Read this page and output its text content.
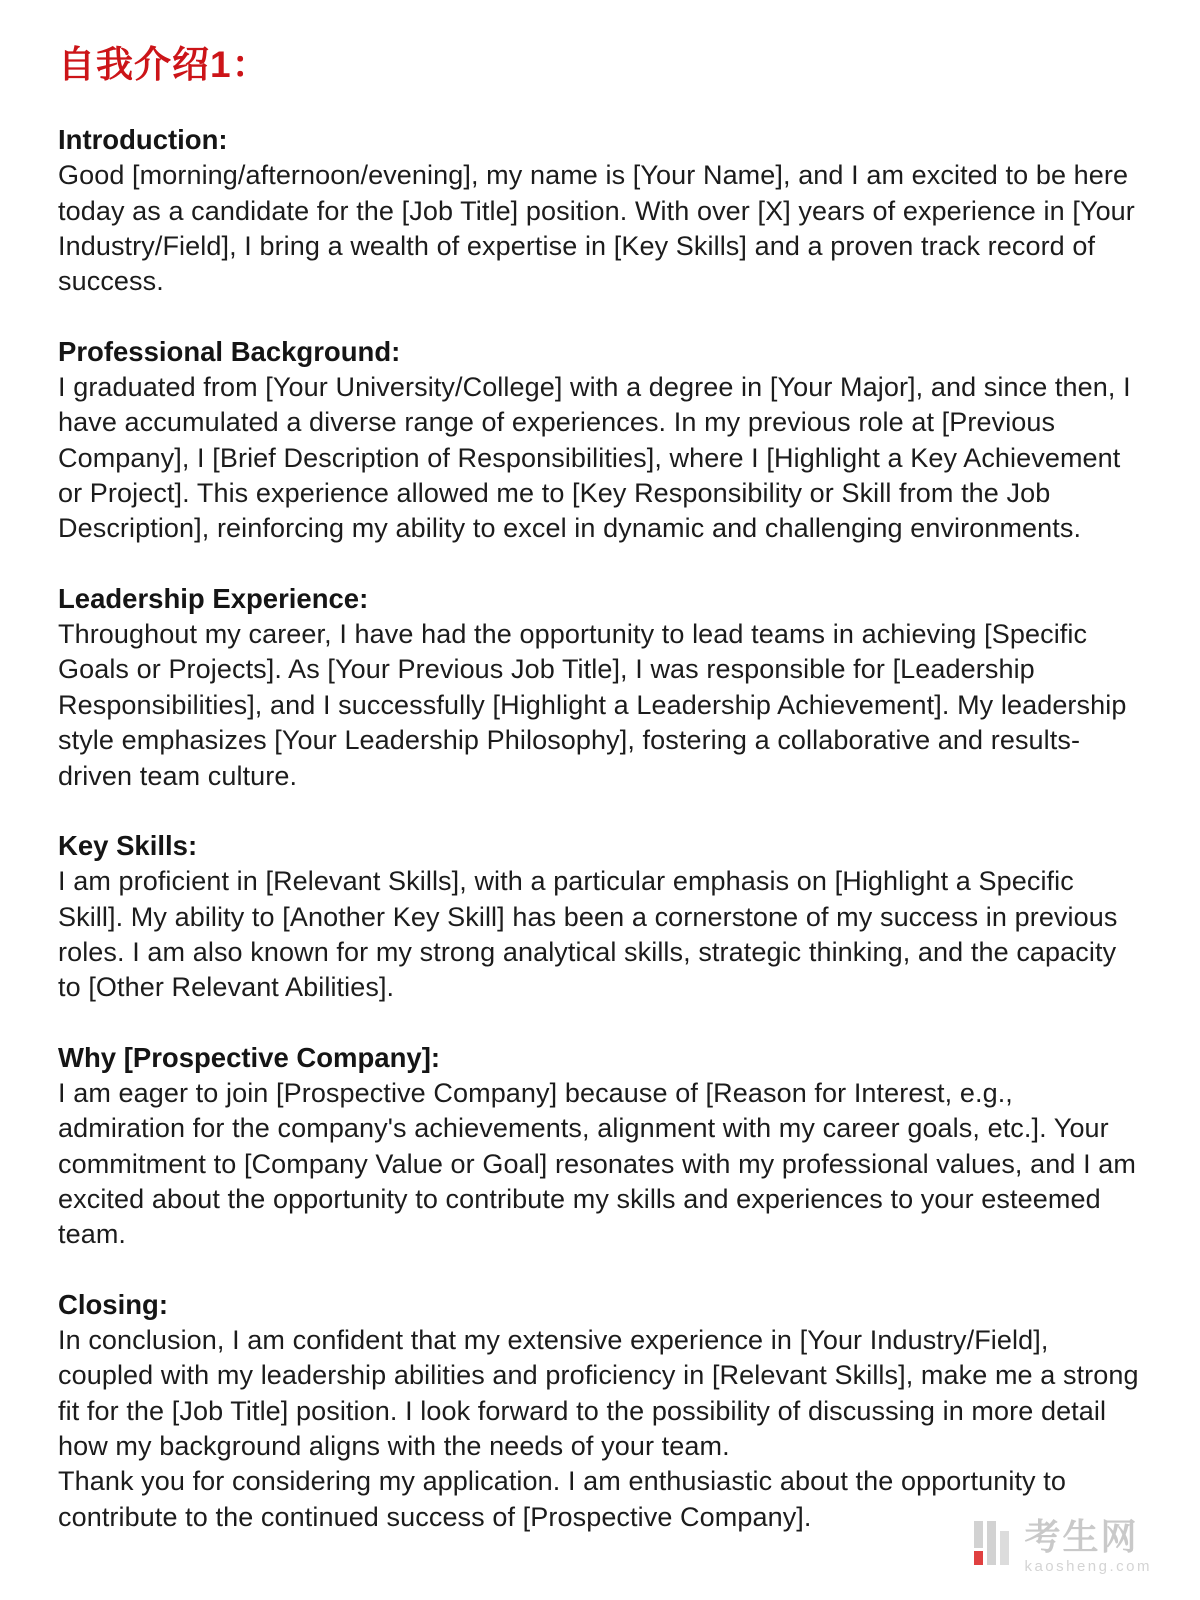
自我介绍1：
Introduction:

Good [morning/afternoon/evening], my name is [Your Name], and I am excited to be here today as a candidate for the [Job Title] position. With over [X] years of experience in [Your Industry/Field], I bring a wealth of expertise in [Key Skills] and a proven track record of success.

Professional Background:

I graduated from [Your University/College] with a degree in [Your Major], and since then, I have accumulated a diverse range of experiences. In my previous role at [Previous Company], I [Brief Description of Responsibilities], where I [Highlight a Key Achievement or Project]. This experience allowed me to [Key Responsibility or Skill from the Job Description], reinforcing my ability to excel in dynamic and challenging environments.

Leadership Experience:

Throughout my career, I have had the opportunity to lead teams in achieving [Specific Goals or Projects]. As [Your Previous Job Title], I was responsible for [Leadership Responsibilities], and I successfully [Highlight a Leadership Achievement]. My leadership style emphasizes [Your Leadership Philosophy], fostering a collaborative and results-driven team culture.

Key Skills:

I am proficient in [Relevant Skills], with a particular emphasis on [Highlight a Specific Skill]. My ability to [Another Key Skill] has been a cornerstone of my success in previous roles. I am also known for my strong analytical skills, strategic thinking, and the capacity to [Other Relevant Abilities].

Why [Prospective Company]:

I am eager to join [Prospective Company] because of [Reason for Interest, e.g., admiration for the company's achievements, alignment with my career goals, etc.]. Your commitment to [Company Value or Goal] resonates with my professional values, and I am excited about the opportunity to contribute my skills and experiences to your esteemed team.

Closing:

In conclusion, I am confident that my extensive experience in [Your Industry/Field], coupled with my leadership abilities and proficiency in [Relevant Skills], make me a strong fit for the [Job Title] position. I look forward to the possibility of discussing in more detail how my background aligns with the needs of your team.

Thank you for considering my application. I am enthusiastic about the opportunity to contribute to the continued success of [Prospective Company].	考生网
kaosheng.com
